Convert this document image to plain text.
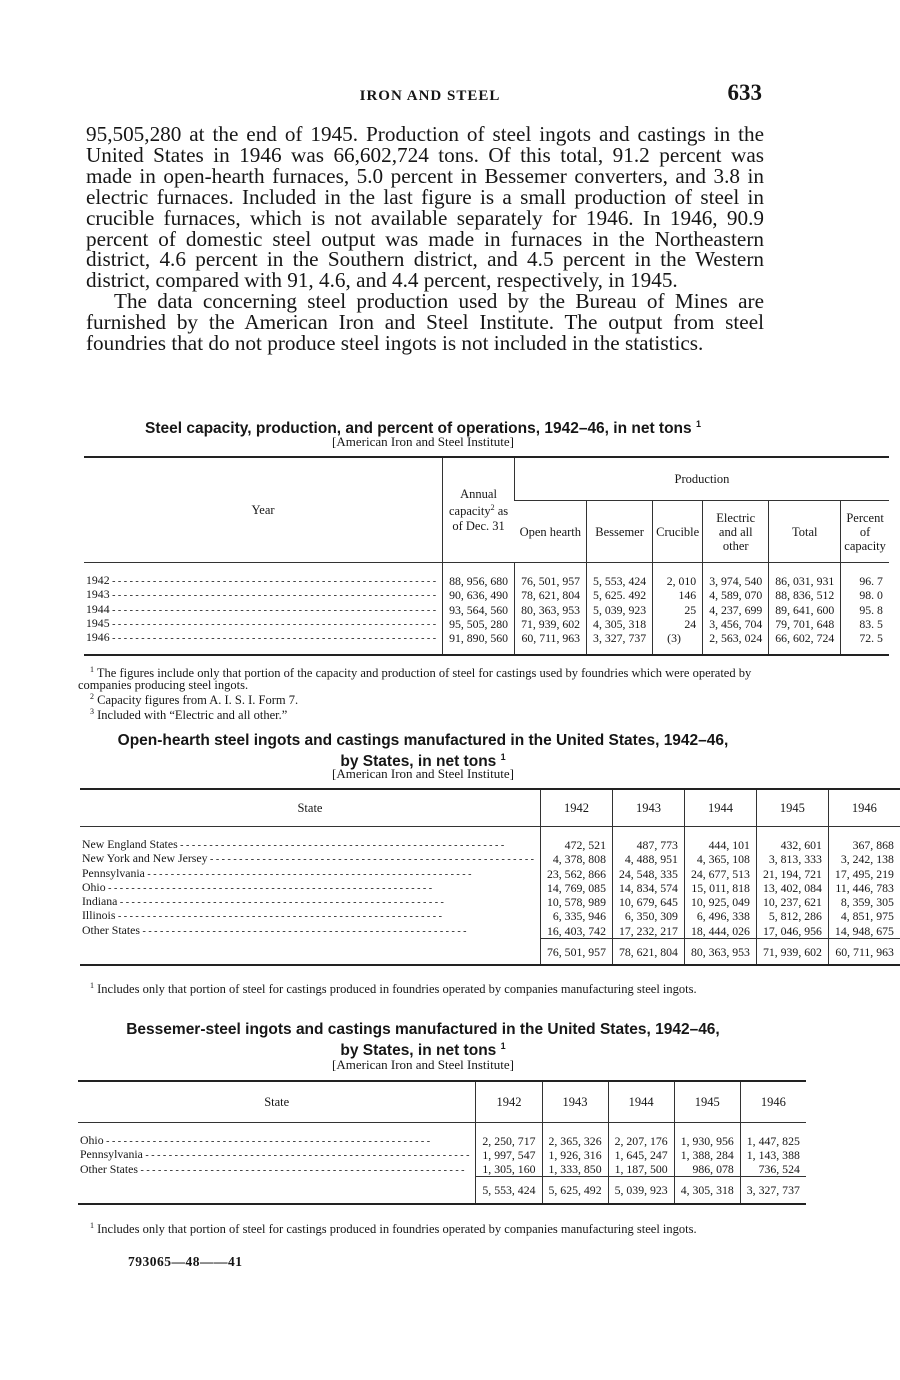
IRON AND STEEL	633

95,505,280 at the end of 1945. Production of steel ingots and castings in the United States in 1946 was 66,602,724 tons. Of this total, 91.2 percent was made in open-hearth furnaces, 5.0 percent in Bessemer converters, and 3.8 in electric furnaces. Included in the last figure is a small production of steel in crucible furnaces, which is not available separately for 1946. In 1946, 90.9 percent of domestic steel output was made in furnaces in the Northeastern district, 4.6 percent in the Southern district, and 4.5 percent in the Western district, compared with 91, 4.6, and 4.4 percent, respectively, in 1945.

The data concerning steel production used by the Bureau of Mines are furnished by the American Iron and Steel Institute. The output from steel foundries that do not produce steel ingots is not included in the statistics.

Steel capacity, production, and percent of operations, 1942–46, in net tons $^1$
[American Iron and Steel Institute]
Year	Annual capacity$^2$ as of Dec. 31	Production					
		Open hearth	Bessemer	Crucible	Electric and all other	Total	Percent of capacity

1942 - - -	88, 956, 680	76, 501, 957	5, 553, 424	2, 010	3, 974, 540	86, 031, 931	96. 7

1943 - - -	90, 636, 490	78, 621, 804	5, 625. 492	146	4, 589, 070	88, 836, 512	98. 0

1944 - - -	93, 564, 560	80, 363, 953	5, 039, 923	25	4, 237, 699	89, 641, 600	95. 8

1945 - - -	95, 505, 280	71, 939, 602	4, 305, 318	24	3, 456, 704	79, 701, 648	83. 5

1946 - - -	91, 890, 560	60, 711, 963	3, 327, 737	(3)	2, 563, 024	66, 602, 724	72. 5

$^1$ The figures include only that portion of the capacity and production of steel for castings used by foundries which were operated by companies producing steel ingots.

$^2$ Capacity figures from A. I. S. I. Form 7.

$^3$ Included with “Electric and all other.”

Open-hearth steel ingots and castings manufactured in the United States, 1942–46,
by States, in net tons $^1$
[American Iron and Steel Institute]
State	1942	1943	1944	1945	1946

New England States - - -	472, 521	487, 773	444, 101	432, 601	367, 868

New York and New Jersey - - -	4, 378, 808	4, 488, 951	4, 365, 108	3, 813, 333	3, 242, 138

Pennsylvania - - -	23, 562, 866	24, 548, 335	24, 677, 513	21, 194, 721	17, 495, 219

Ohio - - -	14, 769, 085	14, 834, 574	15, 011, 818	13, 402, 084	11, 446, 783

Indiana - - -	10, 578, 989	10, 679, 645	10, 925, 049	10, 237, 621	8, 359, 305

Illinois - - -	6, 335, 946	6, 350, 309	6, 496, 338	5, 812, 286	4, 851, 975

Other States - - -	16, 403, 742	17, 232, 217	18, 444, 026	17, 046, 956	14, 948, 675
	76, 501, 957	78, 621, 804	80, 363, 953	71, 939, 602	60, 711, 963

$^1$ Includes only that portion of steel for castings produced in foundries operated by companies manufacturing steel ingots.

Bessemer-steel ingots and castings manufactured in the United States, 1942–46,
by States, in net tons $^1$
[American Iron and Steel Institute]
State	1942	1943	1944	1945	1946

Ohio - - -	2, 250, 717	2, 365, 326	2, 207, 176	1, 930, 956	1, 447, 825

Pennsylvania - - -	1, 997, 547	1, 926, 316	1, 645, 247	1, 388, 284	1, 143, 388

Other States - - -	1, 305, 160	1, 333, 850	1, 187, 500	986, 078	736, 524
	5, 553, 424	5, 625, 492	5, 039, 923	4, 305, 318	3, 327, 737

$^1$ Includes only that portion of steel for castings produced in foundries operated by companies manufacturing steel ingots.

793065—48——41
